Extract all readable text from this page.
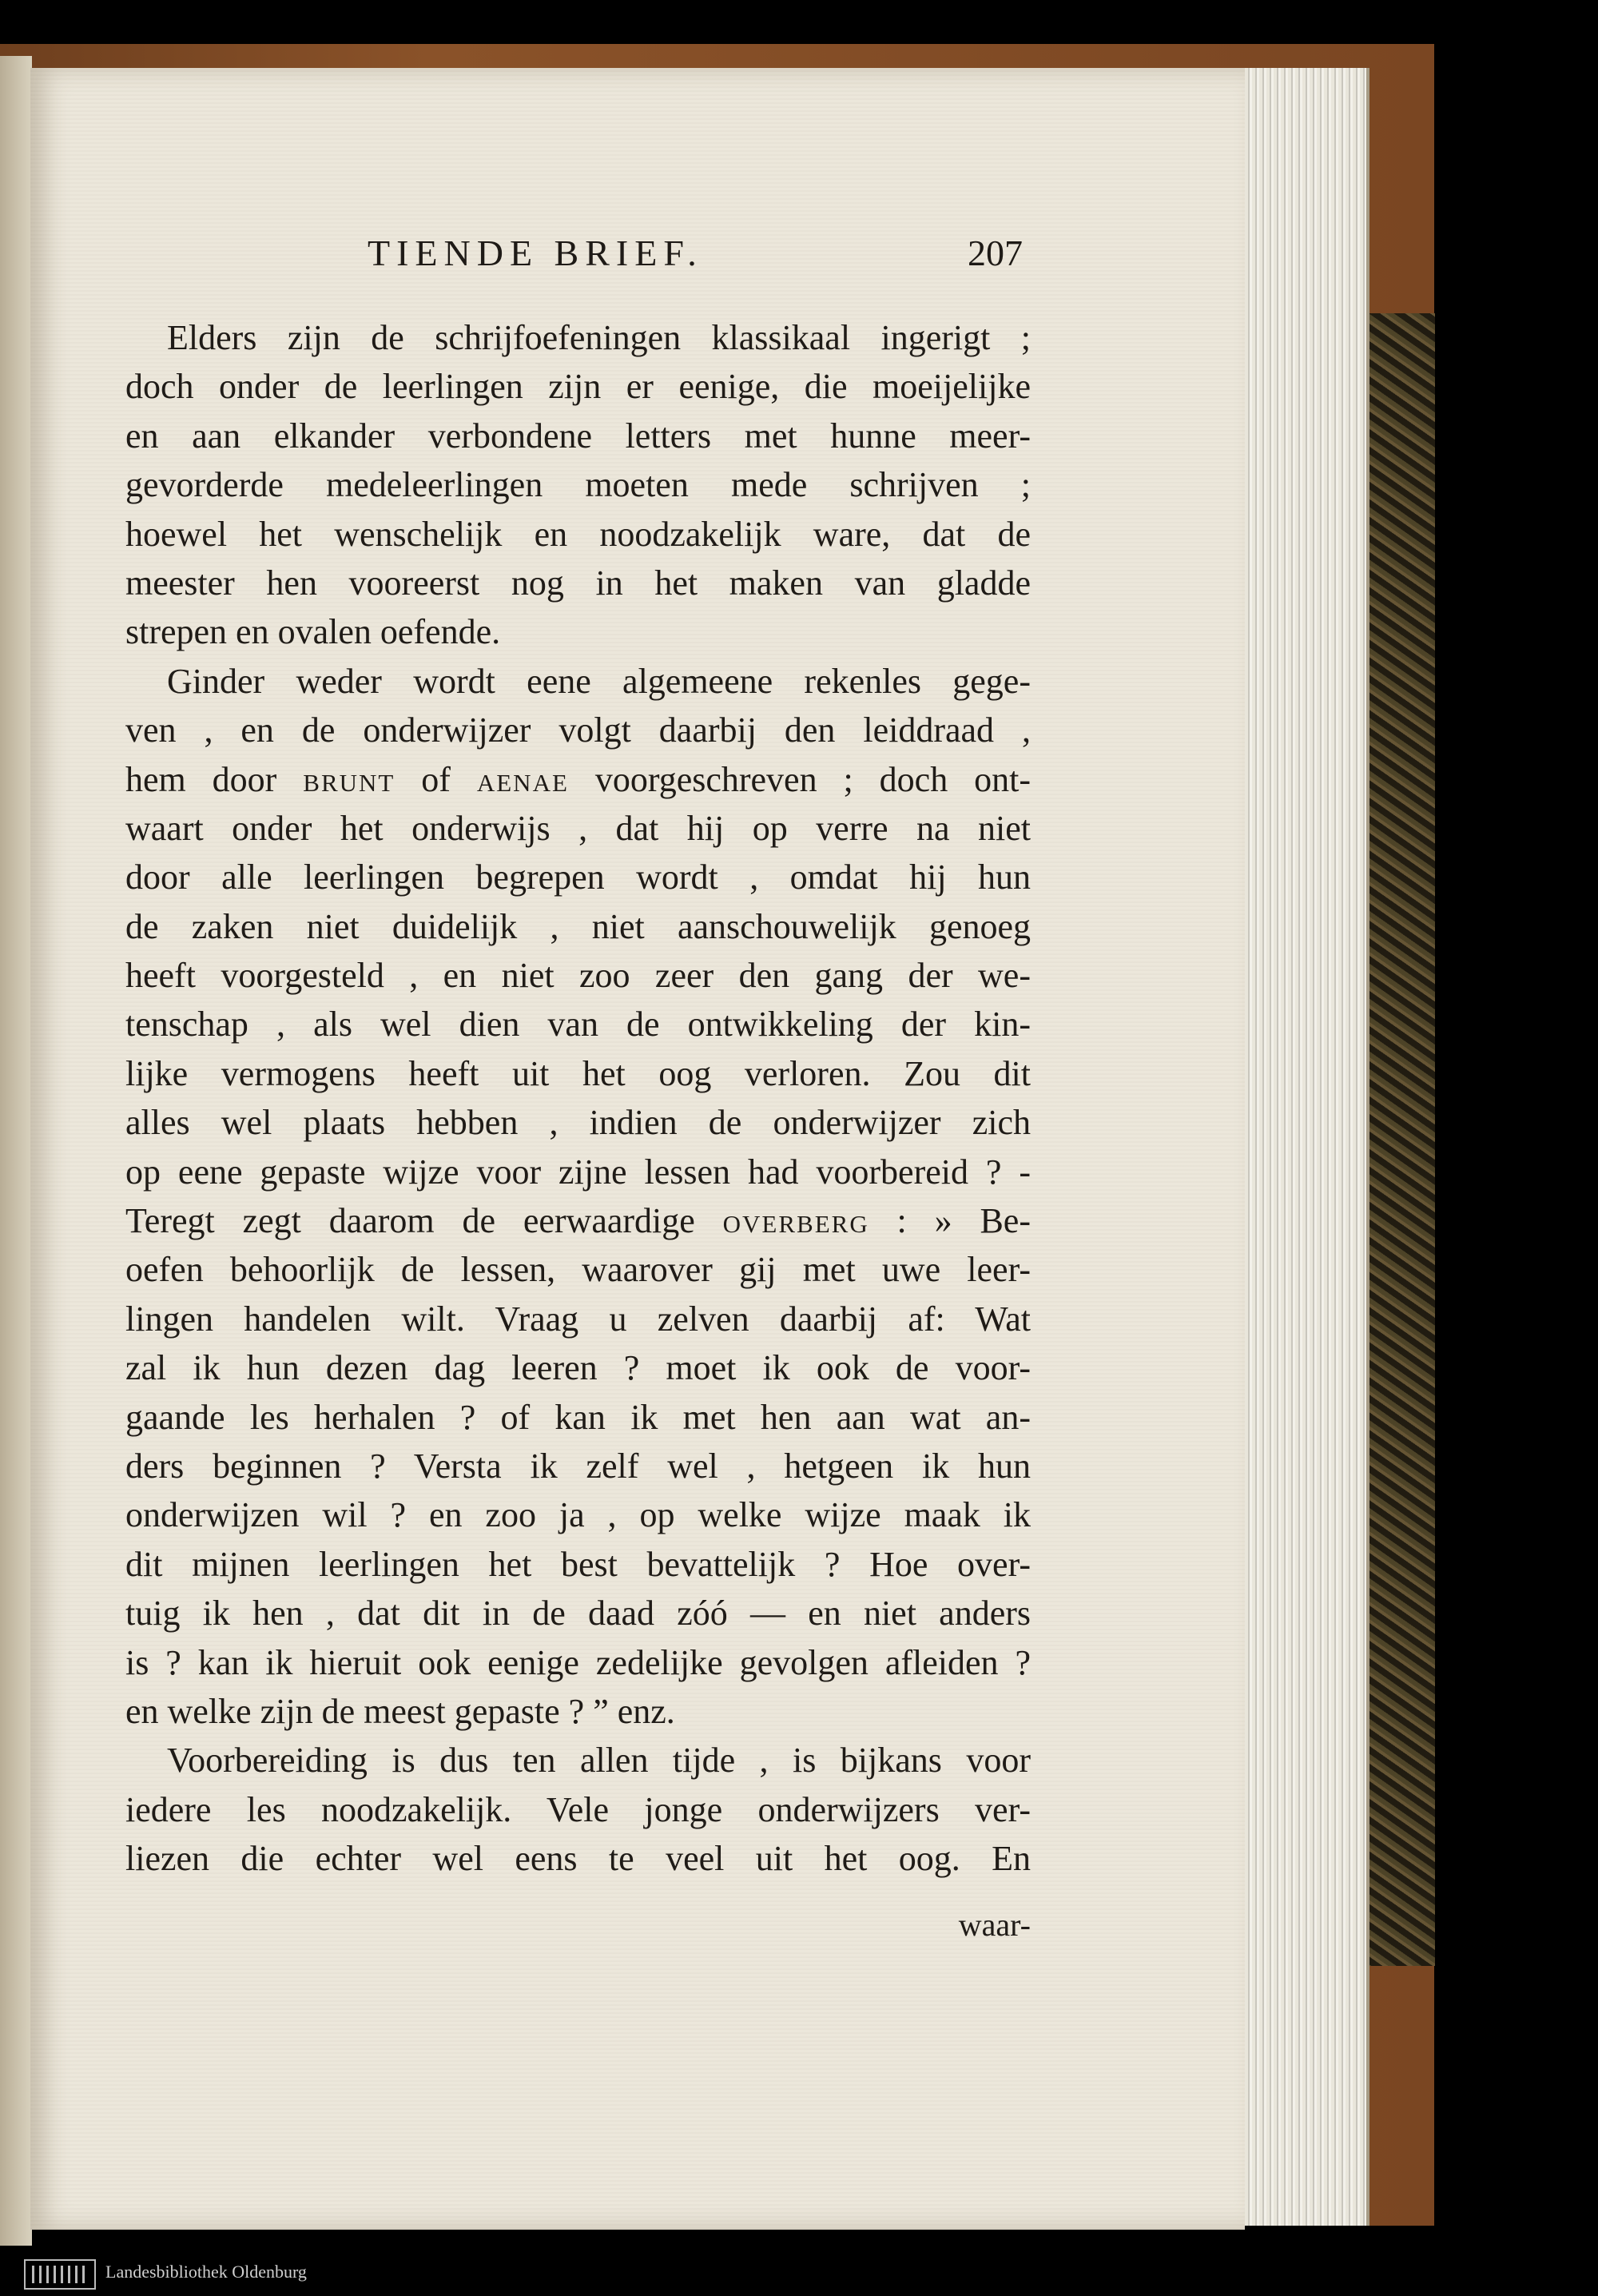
TIENDE BRIEF.	207
Elders zijn de schrijfoefeningen klassikaal ingerigt ;
doch onder de leerlingen zijn er eenige, die moeijelijke
en aan elkander verbondene letters met hunne meer-
gevorderde medeleerlingen moeten mede schrijven ;
hoewel het wenschelijk en noodzakelijk ware, dat de
meester hen vooreerst nog in het maken van gladde
strepen en ovalen oefende.
Ginder weder wordt eene algemeene rekenles gege-
ven , en de onderwijzer volgt daarbij den leiddraad ,
hem door brunt of aenae voorgeschreven ; doch ont-
waart onder het onderwijs , dat hij op verre na niet
door alle leerlingen begrepen wordt , omdat hij hun
de zaken niet duidelijk , niet aanschouwelijk genoeg
heeft voorgesteld , en niet zoo zeer den gang der we-
tenschap , als wel dien van de ontwikkeling der kin-
lijke vermogens heeft uit het oog verloren. Zou dit
alles wel plaats hebben , indien de onderwijzer zich
op eene gepaste wijze voor zijne lessen had voorbereid ? -
Teregt zegt daarom de eerwaardige overberg : » Be-
oefen behoorlijk de lessen, waarover gij met uwe leer-
lingen handelen wilt. Vraag u zelven daarbij af: Wat
zal ik hun dezen dag leeren ? moet ik ook de voor-
gaande les herhalen ? of kan ik met hen aan wat an-
ders beginnen ? Versta ik zelf wel , hetgeen ik hun
onderwijzen wil ? en zoo ja , op welke wijze maak ik
dit mijnen leerlingen het best bevattelijk ? Hoe over-
tuig ik hen , dat dit in de daad zóó — en niet anders
is ? kan ik hieruit ook eenige zedelijke gevolgen afleiden ?
en welke zijn de meest gepaste ? ” enz.
Voorbereiding is dus ten allen tijde , is bijkans voor
iedere les noodzakelijk. Vele jonge onderwijzers ver-
liezen die echter wel eens te veel uit het oog. En
waar-
Landesbibliothek Oldenburg
